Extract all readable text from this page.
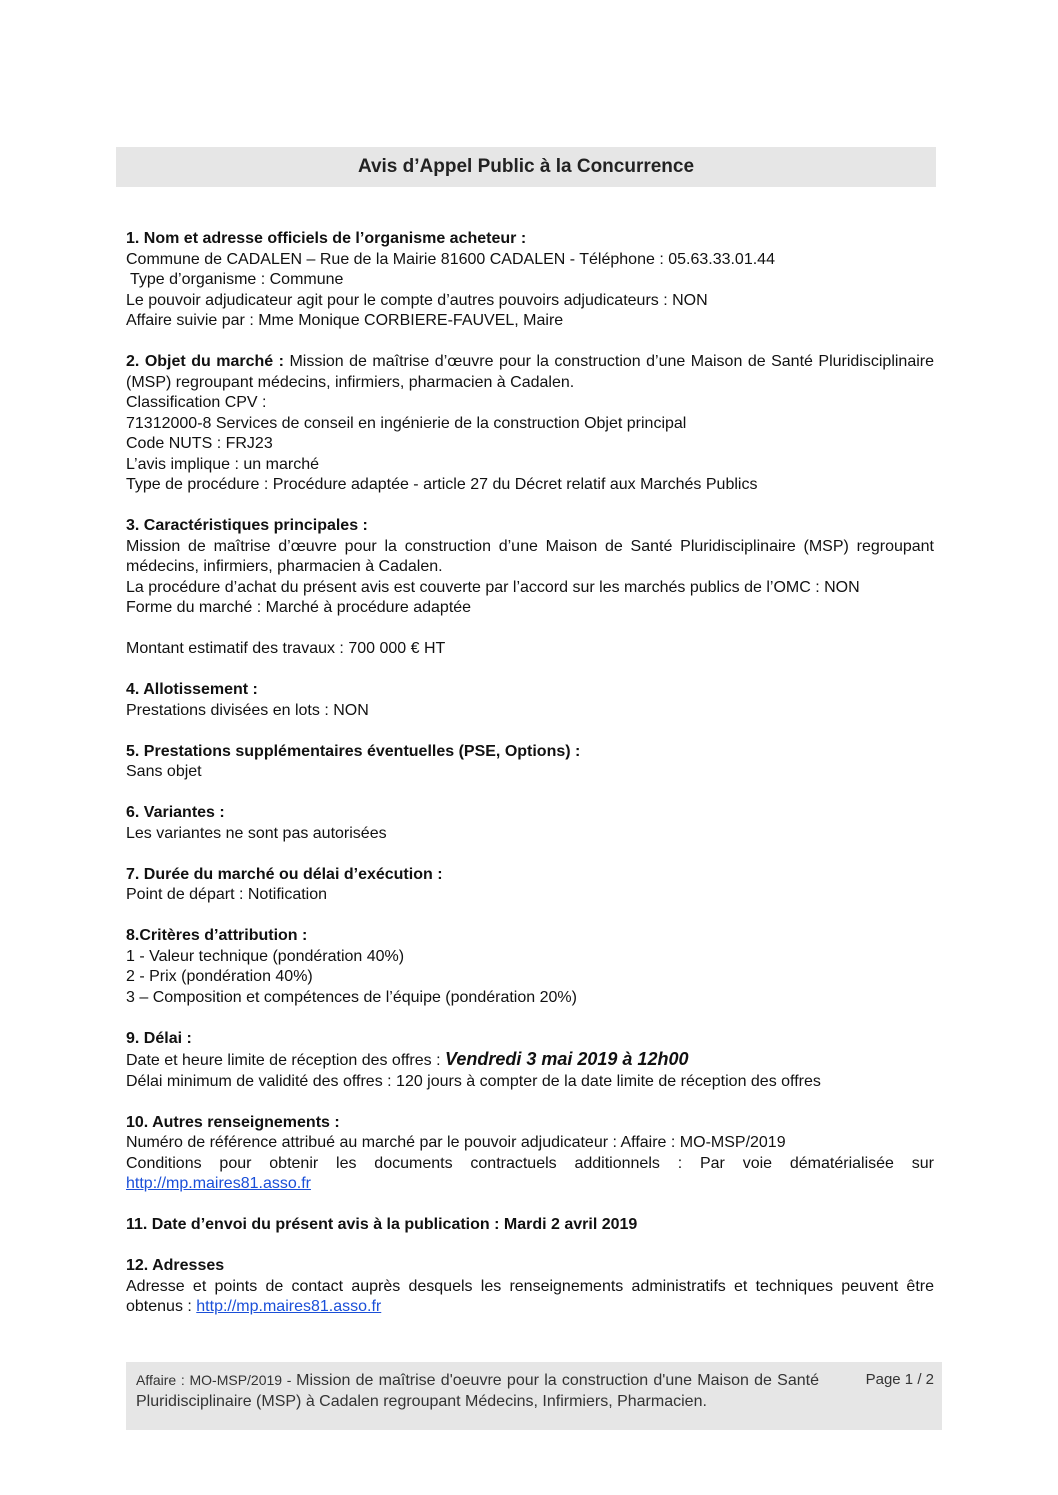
Avis d’Appel Public à la Concurrence
1. Nom et adresse officiels de l’organisme acheteur :
Commune de CADALEN – Rue de la Mairie 81600 CADALEN - Téléphone : 05.63.33.01.44
Type d’organisme : Commune
Le pouvoir adjudicateur agit pour le compte d’autres pouvoirs adjudicateurs : NON
Affaire suivie par : Mme Monique CORBIERE-FAUVEL, Maire
2. Objet du marché : Mission de maîtrise d’œuvre pour la construction d’une Maison de Santé Pluridisciplinaire (MSP) regroupant médecins, infirmiers, pharmacien à Cadalen.
Classification CPV :
71312000-8 Services de conseil en ingénierie de la construction Objet principal
Code NUTS : FRJ23
L’avis implique : un marché
Type de procédure : Procédure adaptée - article 27 du Décret relatif aux Marchés Publics
3. Caractéristiques principales :
Mission de maîtrise d’œuvre pour la construction d’une Maison de Santé Pluridisciplinaire (MSP) regroupant médecins, infirmiers, pharmacien à Cadalen.
La procédure d’achat du présent avis est couverte par l’accord sur les marchés publics de l’OMC : NON
Forme du marché : Marché à procédure adaptée
Montant estimatif des travaux : 700 000 € HT
4. Allotissement :
Prestations divisées en lots : NON
5. Prestations supplémentaires éventuelles (PSE, Options) :
Sans objet
6. Variantes :
Les variantes ne sont pas autorisées
7. Durée du marché ou délai d’exécution :
Point de départ : Notification
8.Critères d’attribution :
1 - Valeur technique (pondération 40%)
2 - Prix (pondération 40%)
3 – Composition et compétences de l’équipe (pondération 20%)
9. Délai :
Date et heure limite de réception des offres : Vendredi 3 mai 2019 à 12h00
Délai minimum de validité des offres : 120 jours à compter de la date limite de réception des offres
10. Autres renseignements :
Numéro de référence attribué au marché par le pouvoir adjudicateur : Affaire : MO-MSP/2019
Conditions pour obtenir les documents contractuels additionnels : Par voie dématérialisée sur
http://mp.maires81.asso.fr
11. Date d’envoi du présent avis à la publication : Mardi 2 avril 2019
12. Adresses
Adresse et points de contact auprès desquels les renseignements administratifs et techniques peuvent être obtenus : http://mp.maires81.asso.fr
Affaire : MO-MSP/2019 - Mission de maîtrise d'oeuvre pour la construction d'une Maison de Santé Pluridisciplinaire (MSP) à Cadalen regroupant Médecins, Infirmiers, Pharmacien.
Page 1 / 2
